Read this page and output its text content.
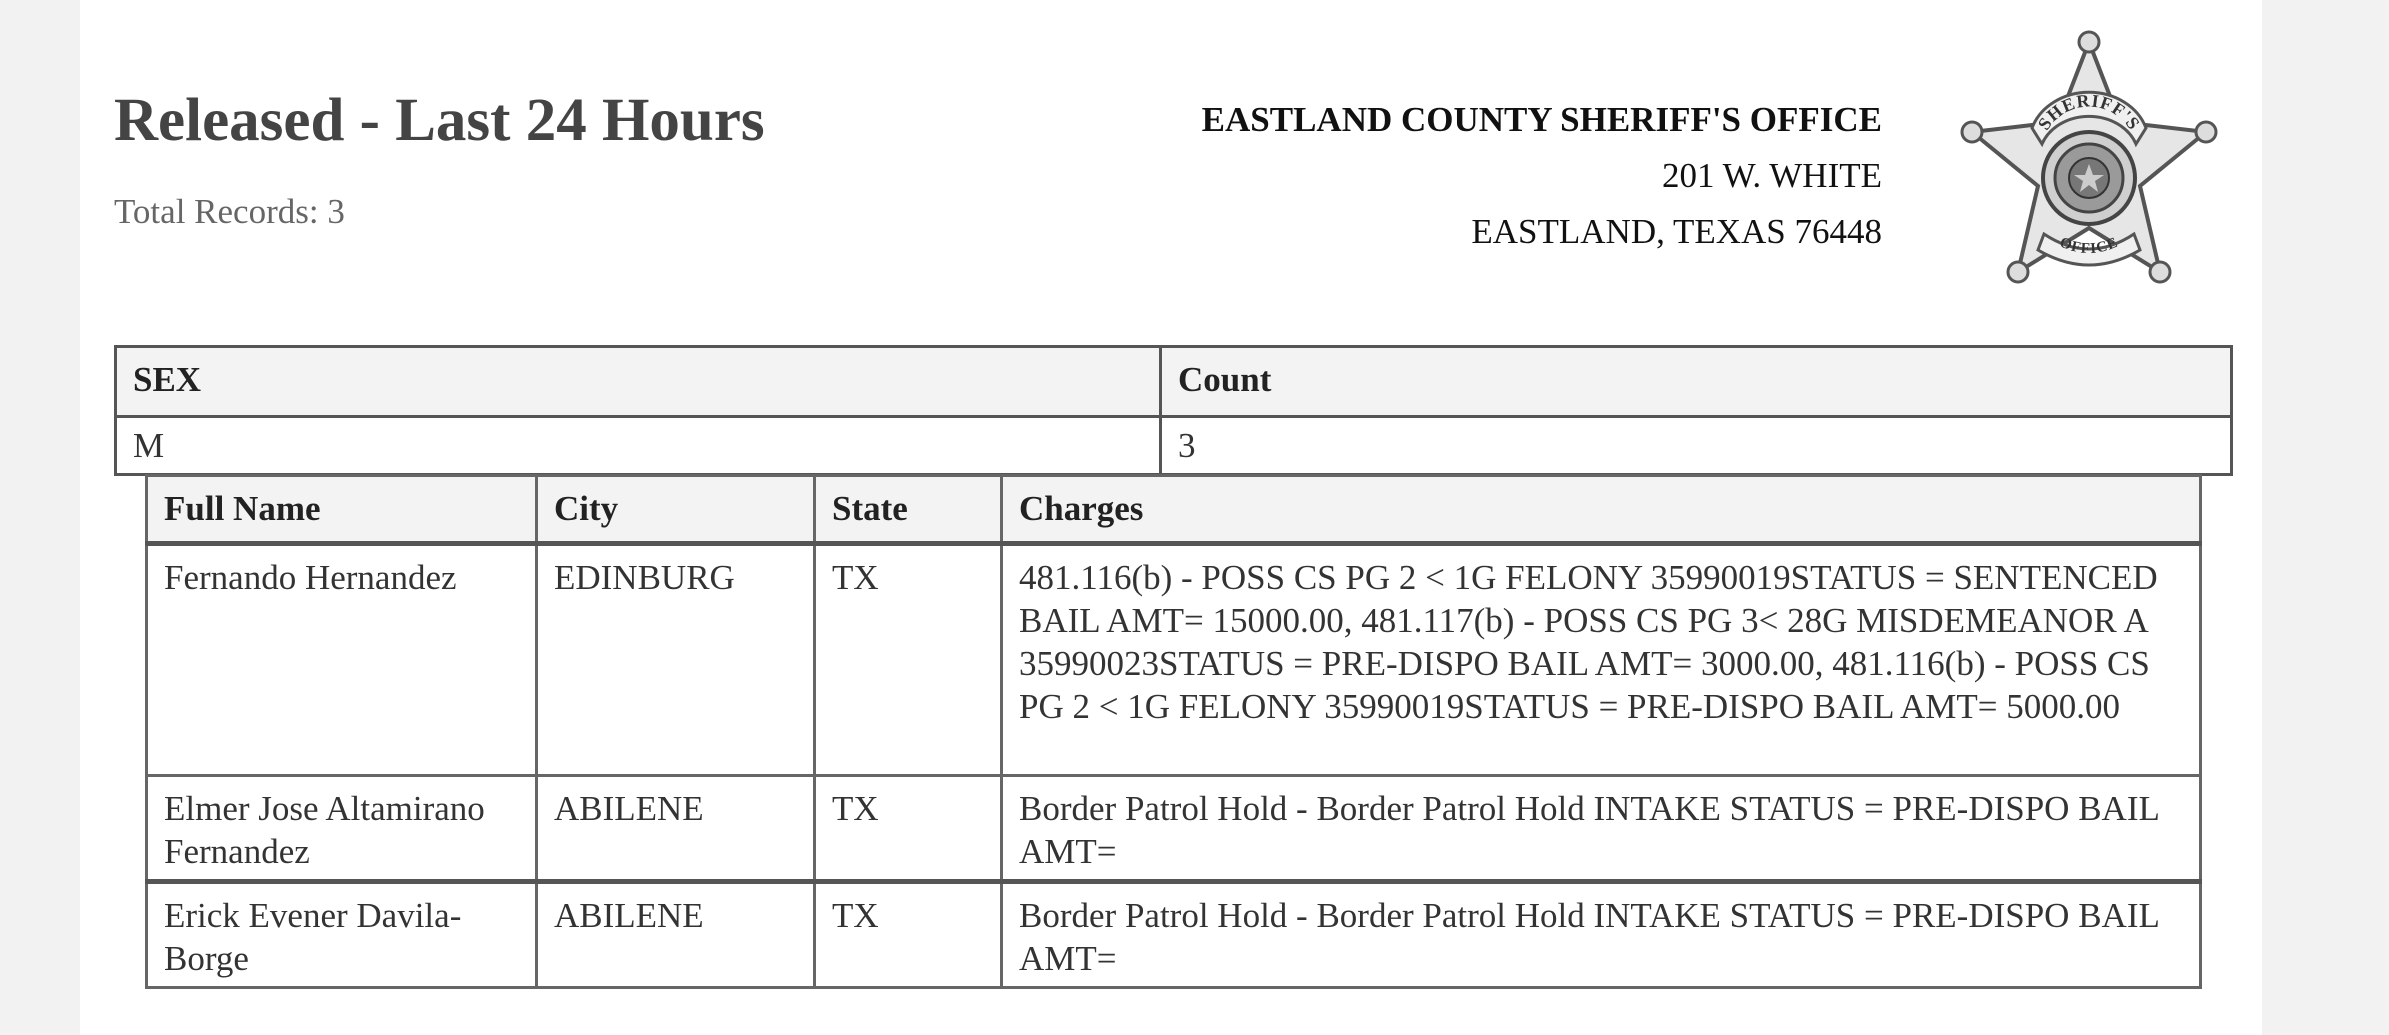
Released - Last 24 Hours
Total Records: 3
EASTLAND COUNTY SHERIFF'S OFFICE
201 W. WHITE
EASTLAND, TEXAS 76448
SHERIFF'S
OFFICE
SEX	Count
M	3
Full Name	City	State	Charges
Fernando Hernandez	EDINBURG	TX	481.116(b) - POSS CS PG 2 < 1G FELONY 35990019STATUS = SENTENCED BAIL AMT= 15000.00, 481.117(b) - POSS CS PG 3< 28G MISDEMEANOR A 35990023STATUS = PRE-DISPO BAIL AMT= 3000.00, 481.116(b) - POSS CS PG 2 < 1G FELONY 35990019STATUS = PRE-DISPO BAIL AMT= 5000.00
Elmer Jose Altamirano Fernandez	ABILENE	TX	Border Patrol Hold - Border Patrol Hold INTAKE STATUS = PRE-DISPO BAIL AMT=
Erick Evener Davila-Borge	ABILENE	TX	Border Patrol Hold - Border Patrol Hold INTAKE STATUS = PRE-DISPO BAIL AMT=
